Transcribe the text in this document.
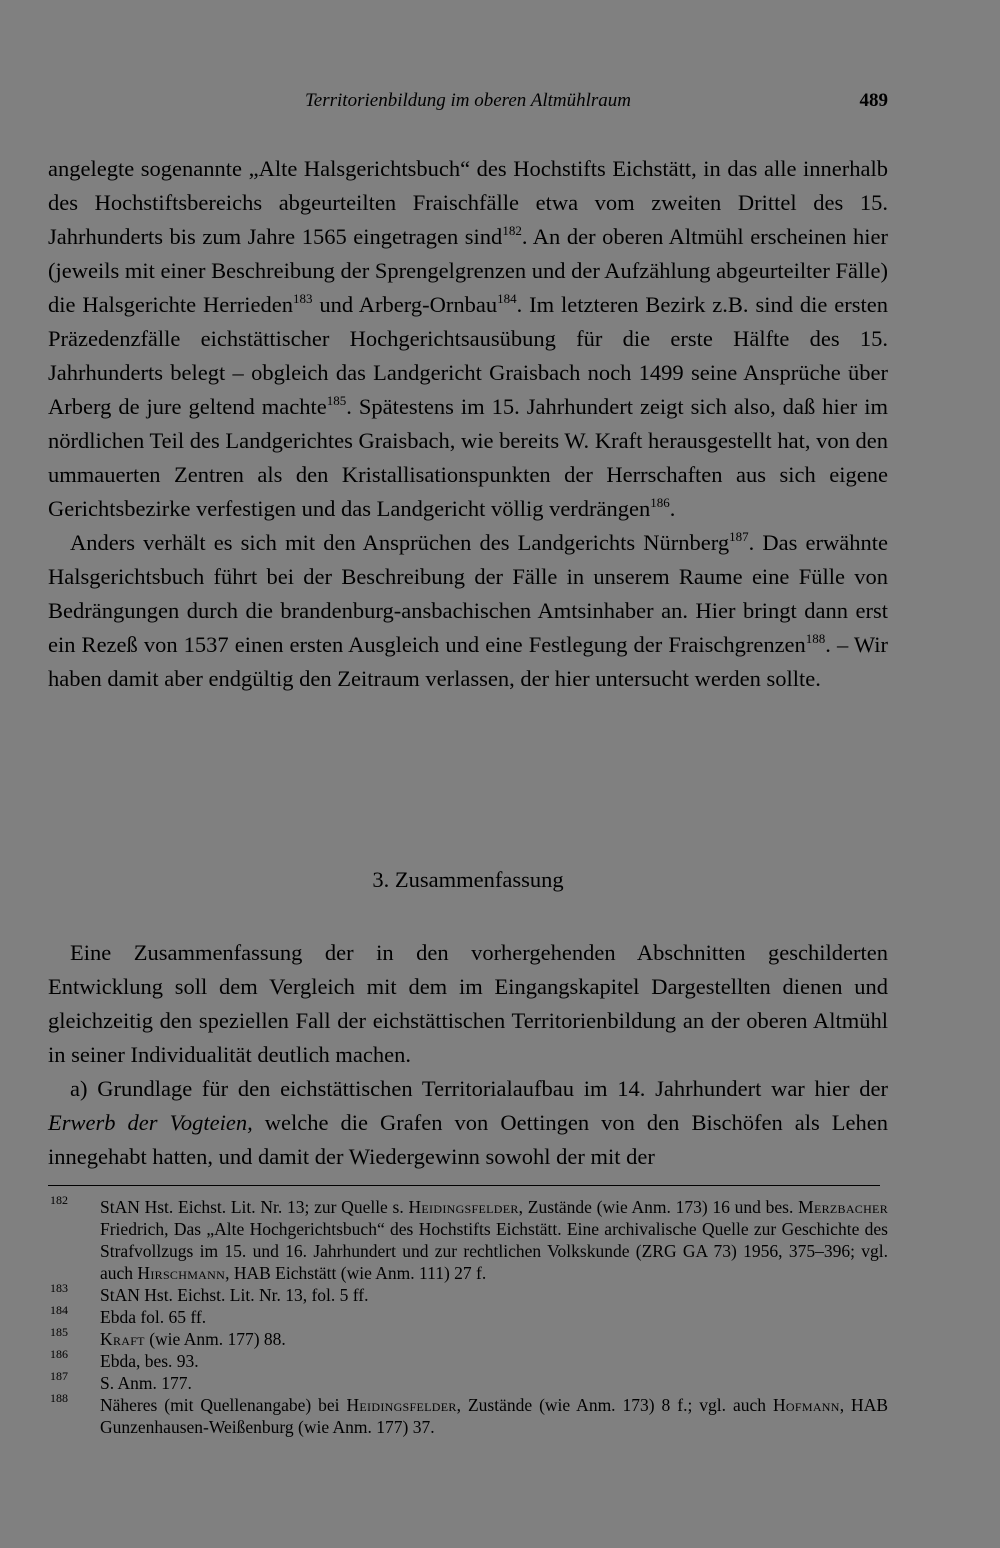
Territorienbildung im oberen Altmühlraum	489

angelegte sogenannte „Alte Halsgerichtsbuch“ des Hochstifts Eichstätt, in das alle innerhalb des Hochstiftsbereichs abgeurteilten Fraischfälle etwa vom zweiten Drittel des 15. Jahrhunderts bis zum Jahre 1565 eingetragen sind$^{182}$. An der oberen Altmühl erscheinen hier (jeweils mit einer Beschreibung der Sprengelgrenzen und der Aufzählung abgeurteilter Fälle) die Halsgerichte Herrieden$^{183}$ und Arberg-Ornbau$^{184}$. Im letzteren Bezirk z.B. sind die ersten Präzedenzfälle eichstättischer Hochgerichtsausübung für die erste Hälfte des 15. Jahrhunderts belegt – obgleich das Landgericht Graisbach noch 1499 seine Ansprüche über Arberg de jure geltend machte$^{185}$. Spätestens im 15. Jahrhundert zeigt sich also, daß hier im nördlichen Teil des Landgerichtes Graisbach, wie bereits W. Kraft herausgestellt hat, von den ummauerten Zentren als den Kristallisationspunkten der Herrschaften aus sich eigene Gerichtsbezirke verfestigen und das Landgericht völlig verdrängen$^{186}$.

Anders verhält es sich mit den Ansprüchen des Landgerichts Nürnberg$^{187}$. Das erwähnte Halsgerichtsbuch führt bei der Beschreibung der Fälle in unserem Raume eine Fülle von Bedrängungen durch die brandenburg-ansbachischen Amtsinhaber an. Hier bringt dann erst ein Rezeß von 1537 einen ersten Ausgleich und eine Festlegung der Fraischgrenzen$^{188}$. – Wir haben damit aber endgültig den Zeitraum verlassen, der hier untersucht werden sollte.

3. Zusammenfassung

Eine Zusammenfassung der in den vorhergehenden Abschnitten geschilderten Entwicklung soll dem Vergleich mit dem im Eingangskapitel Dargestellten dienen und gleichzeitig den speziellen Fall der eichstättischen Territorienbildung an der oberen Altmühl in seiner Individualität deutlich machen.

a) Grundlage für den eichstättischen Territorialaufbau im 14. Jahrhundert war hier der Erwerb der Vogteien, welche die Grafen von Oettingen von den Bischöfen als Lehen innegehabt hatten, und damit der Wiedergewinn sowohl der mit der

182 StAN Hst. Eichst. Lit. Nr. 13; zur Quelle s. Heidingsfelder, Zustände (wie Anm. 173) 16 und bes. Merzbacher Friedrich, Das „Alte Hochgerichtsbuch“ des Hochstifts Eichstätt. Eine archivalische Quelle zur Geschichte des Strafvollzugs im 15. und 16. Jahrhundert und zur rechtlichen Volkskunde (ZRG GA 73) 1956, 375–396; vgl. auch Hirschmann, HAB Eichstätt (wie Anm. 111) 27 f.
183 StAN Hst. Eichst. Lit. Nr. 13, fol. 5 ff.
184 Ebda fol. 65 ff.
185 Kraft (wie Anm. 177) 88.
186 Ebda, bes. 93.
187 S. Anm. 177.
188 Näheres (mit Quellenangabe) bei Heidingsfelder, Zustände (wie Anm. 173) 8 f.; vgl. auch Hofmann, HAB Gunzenhausen-Weißenburg (wie Anm. 177) 37.
